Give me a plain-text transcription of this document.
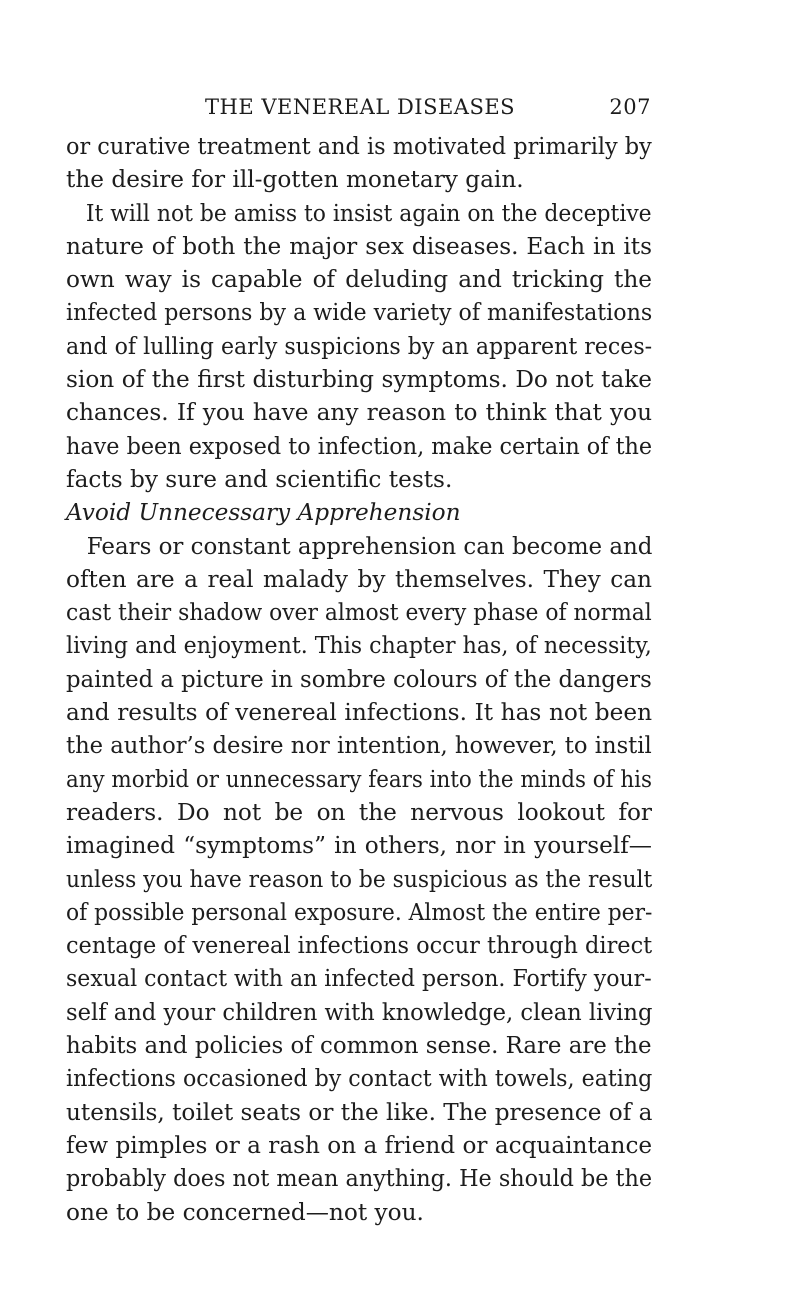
THE VENEREAL DISEASES	207
or curative treatment and is motivated primarily by
the desire for ill-gotten monetary gain.
It will not be amiss to insist again on the deceptive
nature of both the major sex diseases. Each in its
own way is capable of deluding and tricking the
infected persons by a wide variety of manifestations
and of lulling early suspicions by an apparent reces-
sion of the first disturbing symptoms. Do not take
chances. If you have any reason to think that you
have been exposed to infection, make certain of the
facts by sure and scientific tests.
Avoid Unnecessary Apprehension
Fears or constant apprehension can become and
often are a real malady by themselves. They can
cast their shadow over almost every phase of normal
living and enjoyment. This chapter has, of necessity,
painted a picture in sombre colours of the dangers
and results of venereal infections. It has not been
the author’s desire nor intention, however, to instil
any morbid or unnecessary fears into the minds of his
readers. Do not be on the nervous lookout for
imagined “symptoms” in others, nor in yourself—
unless you have reason to be suspicious as the result
of possible personal exposure. Almost the entire per-
centage of venereal infections occur through direct
sexual contact with an infected person. Fortify your-
self and your children with knowledge, clean living
habits and policies of common sense. Rare are the
infections occasioned by contact with towels, eating
utensils, toilet seats or the like. The presence of a
few pimples or a rash on a friend or acquaintance
probably does not mean anything. He should be the
one to be concerned—not you.
